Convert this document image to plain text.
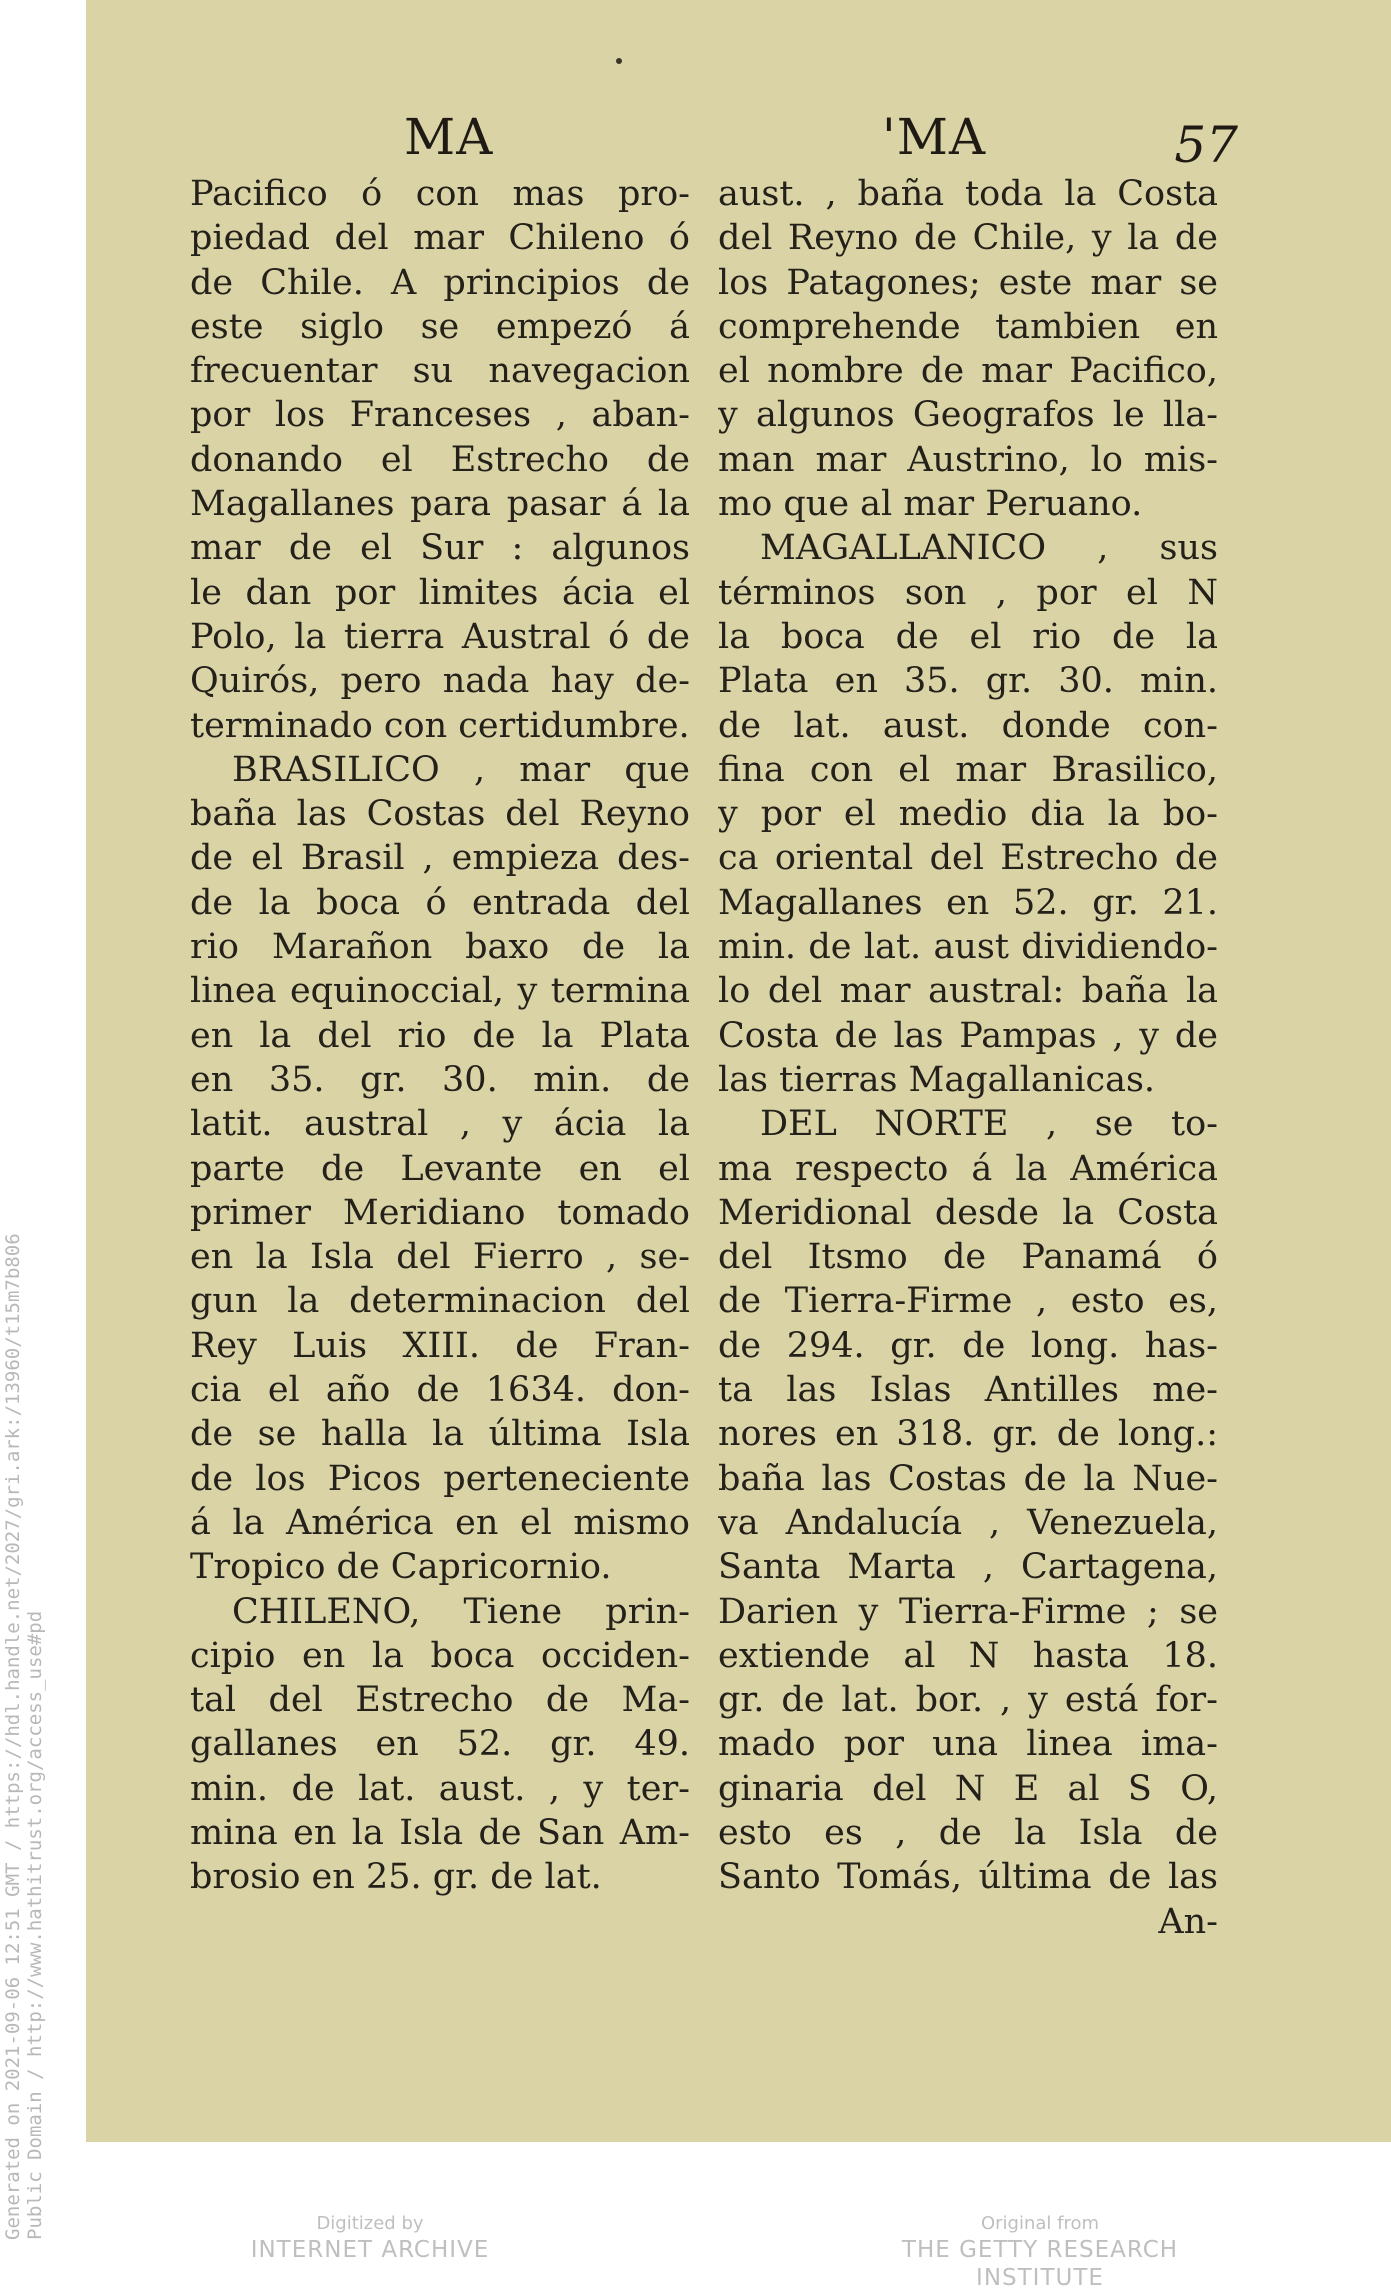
Generated on 2021-09-06 12:51 GMT / https://hdl.handle.net/2027/gri.ark:/13960/t15m7b806 Public Domain / http://www.hathitrust.org/access_use#pd
MA	'MA	57
Pacifico ó con mas pro-
piedad del mar Chileno ó
de Chile. A principios de
este siglo se empezó á
frecuentar su navegacion
por los Franceses , aban-
donando el Estrecho de
Magallanes para pasar á la
mar de el Sur : algunos
le dan por limites ácia el
Polo, la tierra Austral ó de
Quirós, pero nada hay de-
terminado con certidumbre.
BRASILICO , mar que
baña las Costas del Reyno
de el Brasil , empieza des-
de la boca ó entrada del
rio Marañon baxo de la
linea equinoccial, y termina
en la del rio de la Plata
en 35. gr. 30. min. de
latit. austral , y ácia la
parte de Levante en el
primer Meridiano tomado
en la Isla del Fierro , se-
gun la determinacion del
Rey Luis XIII. de Fran-
cia el año de 1634. don-
de se halla la última Isla
de los Picos perteneciente
á la América en el mismo
Tropico de Capricornio.
CHILENO, Tiene prin-
cipio en la boca occiden-
tal del Estrecho de Ma-
gallanes en 52. gr. 49.
min. de lat. aust. , y ter-
mina en la Isla de San Am-
brosio en 25. gr. de lat.
aust. , baña toda la Costa
del Reyno de Chile, y la de
los Patagones; este mar se
comprehende tambien en
el nombre de mar Pacifico,
y algunos Geografos le lla-
man mar Austrino, lo mis-
mo que al mar Peruano.
MAGALLANICO , sus
términos son , por el N
la boca de el rio de la
Plata en 35. gr. 30. min.
de lat. aust. donde con-
fina con el mar Brasilico,
y por el medio dia la bo-
ca oriental del Estrecho de
Magallanes en 52. gr. 21.
min. de lat. aust dividiendo-
lo del mar austral: baña la
Costa de las Pampas , y de
las tierras Magallanicas.
DEL NORTE , se to-
ma respecto á la América
Meridional desde la Costa
del Itsmo de Panamá ó
de Tierra-Firme , esto es,
de 294. gr. de long. has-
ta las Islas Antilles me-
nores en 318. gr. de long.:
baña las Costas de la Nue-
va Andalucía , Venezuela,
Santa Marta , Cartagena,
Darien y Tierra-Firme ; se
extiende al N hasta 18.
gr. de lat. bor. , y está for-
mado por una linea ima-
ginaria del N E al S O,
esto es , de la Isla de
Santo Tomás, última de las
An-
Digitized by
INTERNET ARCHIVE
Original from
THE GETTY RESEARCH INSTITUTE
